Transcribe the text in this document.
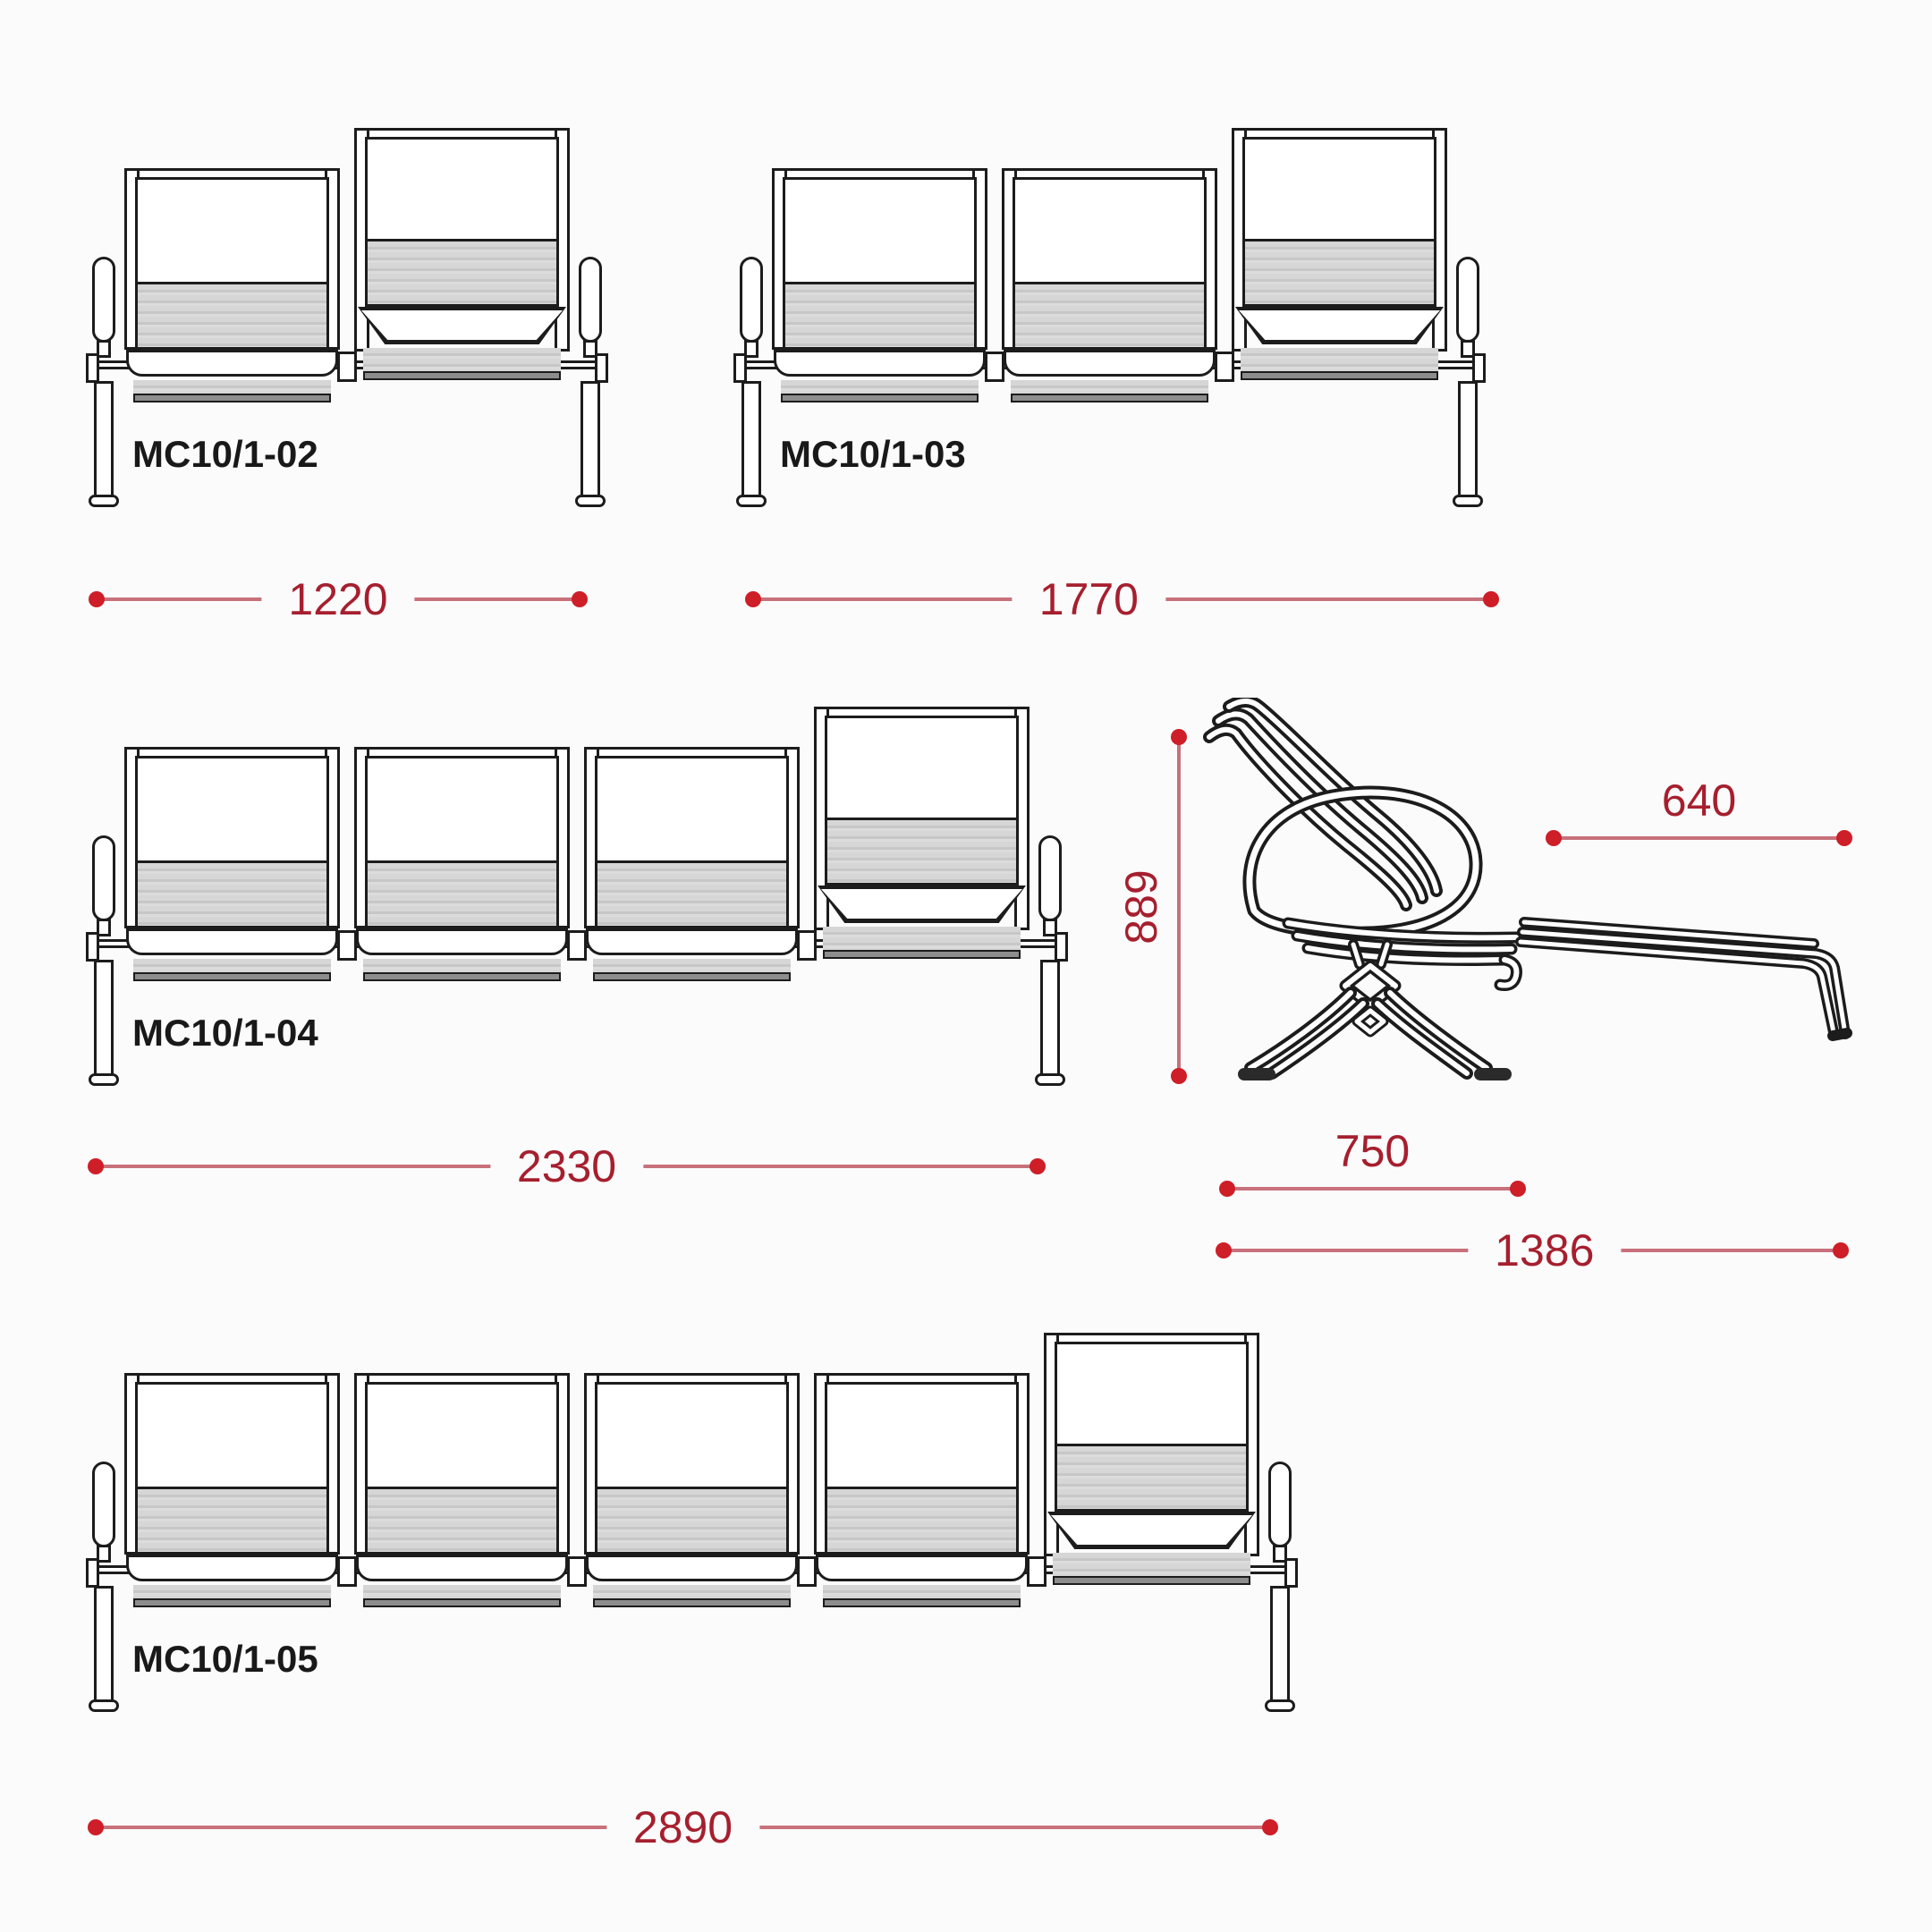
MC10/1-02
1220
MC10/1-03
1770
MC10/1-04
2330
MC10/1-05
2890
889
640
750
1386
